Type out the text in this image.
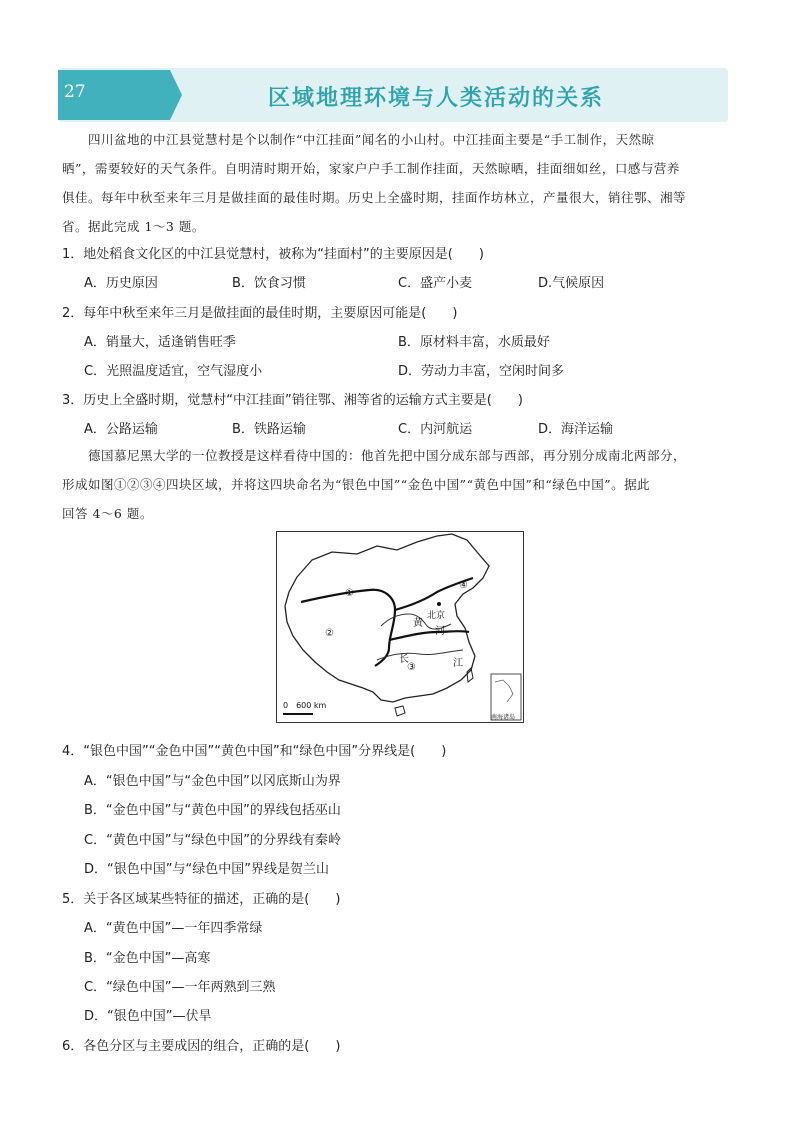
27	区域地理环境与人类活动的关系
四川盆地的中江县觉慧村是个以制作“中江挂面”闻名的小山村。中江挂面主要是“手工制作，天然晾
晒”，需要较好的天气条件。自明清时期开始，家家户户手工制作挂面，天然晾晒，挂面细如丝，口感与营养
俱佳。每年中秋至来年三月是做挂面的最佳时期。历史上全盛时期，挂面作坊林立，产量很大，销往鄂、湘等
省。据此完成 1～3 题。
1．地处稻食文化区的中江县觉慧村，被称为“挂面村”的主要原因是(　　)
A．历史原因	B．饮食习惯	C．盛产小麦	D.气候原因
2．每年中秋至来年三月是做挂面的最佳时期，主要原因可能是(　　)
A．销量大，适逢销售旺季	B．原材料丰富，水质最好
C．光照温度适宜，空气湿度小	D．劳动力丰富，空闲时间多
3．历史上全盛时期，觉慧村“中江挂面”销往鄂、湘等省的运输方式主要是(　　)
A．公路运输	B．铁路运输	C．内河航运	D．海洋运输
德国慕尼黑大学的一位教授是这样看待中国的：他首先把中国分成东部与西部，再分别分成南北两部分，
形成如图①②③④四块区域，并将这四块命名为“银色中国”“金色中国”“黄色中国”和“绿色中国”。据此
回答 4～6 题。
①
②
③
④
北京
黄
河
长	江
0　600 km
南海诸岛
4．“银色中国”“金色中国”“黄色中国”和“绿色中国”分界线是(　　)
A．“银色中国”与“金色中国”以冈底斯山为界
B．“金色中国”与“黄色中国”的界线包括巫山
C．“黄色中国”与“绿色中国”的分界线有秦岭
D．“银色中国”与“绿色中国”界线是贺兰山
5．关于各区域某些特征的描述，正确的是(　　)
A．“黄色中国”—一年四季常绿
B．“金色中国”—高寒
C．“绿色中国”—一年两熟到三熟
D．“银色中国”—伏旱
6．各色分区与主要成因的组合，正确的是(　　)
